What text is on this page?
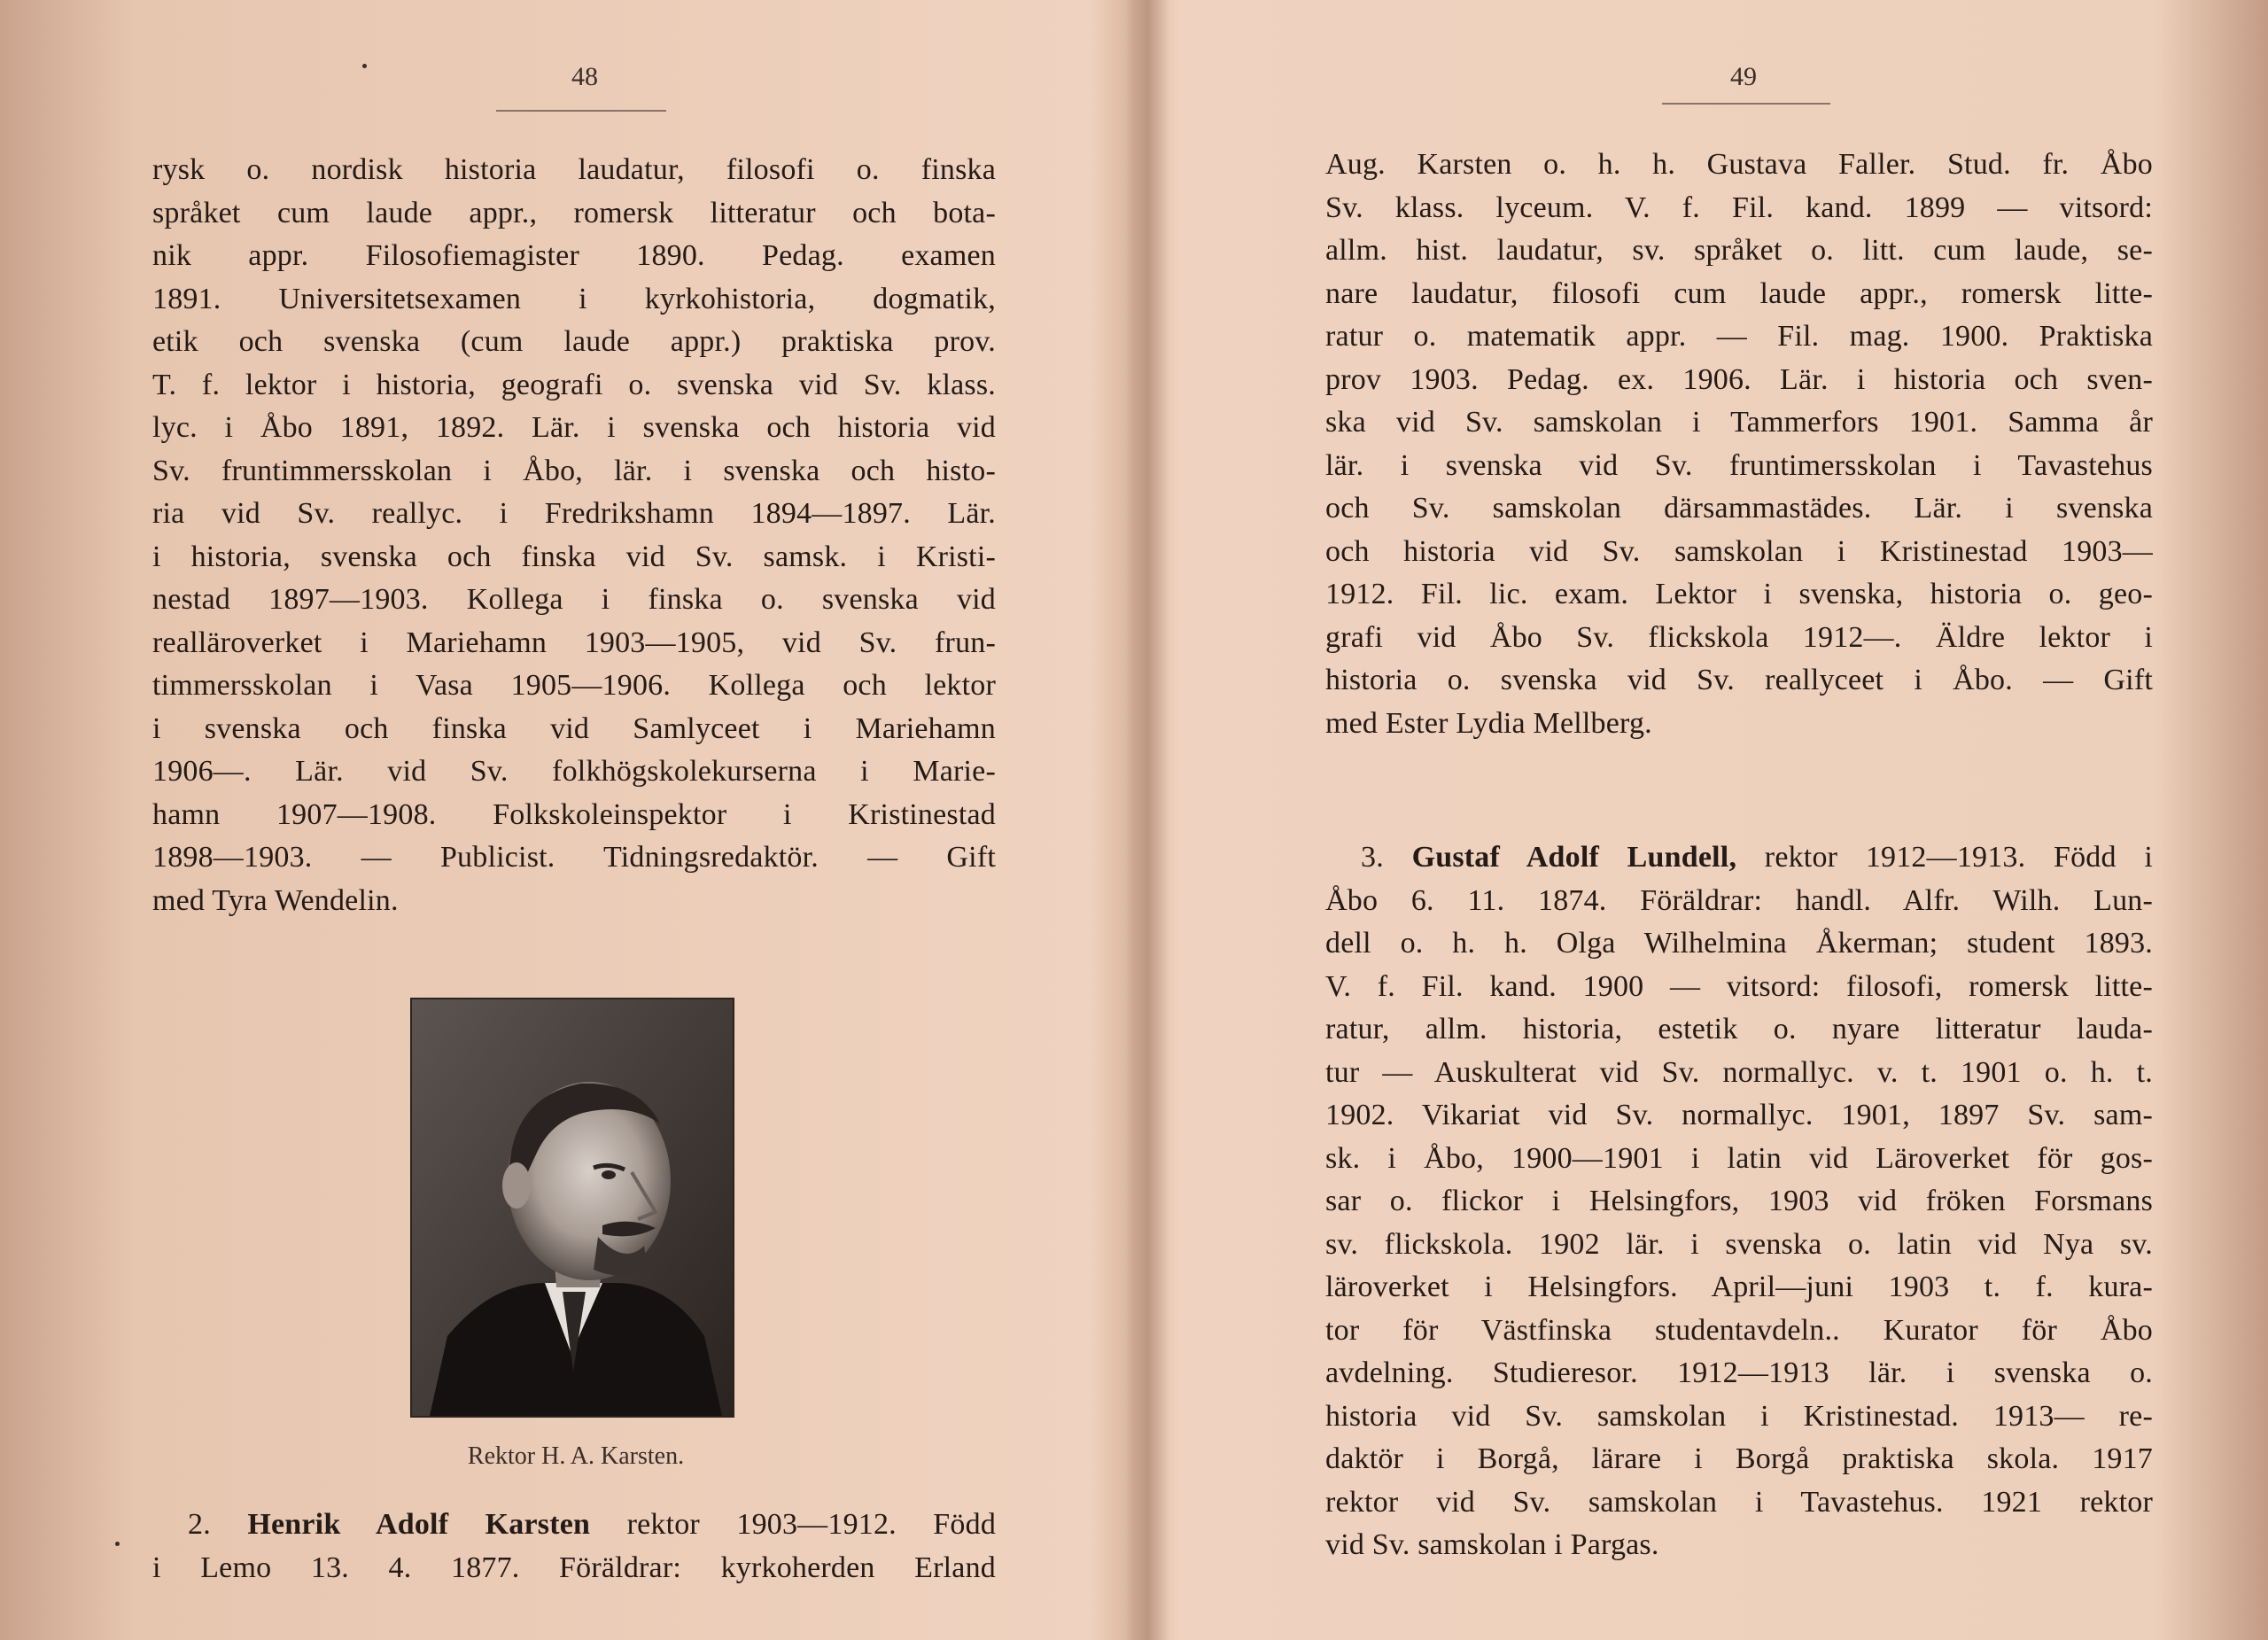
48
rysk o. nordisk historia laudatur, filosofi o. finska
språket cum laude appr., romersk litteratur och bota-
nik appr. Filosofiemagister 1890. Pedag. examen
1891. Universitetsexamen i kyrkohistoria, dogmatik,
etik och svenska (cum laude appr.) praktiska prov.
T. f. lektor i historia, geografi o. svenska vid Sv. klass.
lyc. i Åbo 1891, 1892. Lär. i svenska och historia vid
Sv. fruntimmersskolan i Åbo, lär. i svenska och histo-
ria vid Sv. reallyc. i Fredrikshamn 1894—1897. Lär.
i historia, svenska och finska vid Sv. samsk. i Kristi-
nestad 1897—1903. Kollega i finska o. svenska vid
realläroverket i Mariehamn 1903—1905, vid Sv. frun-
timmersskolan i Vasa 1905—1906. Kollega och lektor
i svenska och finska vid Samlyceet i Mariehamn
1906—. Lär. vid Sv. folkhögskolekurserna i Marie-
hamn 1907—1908. Folkskoleinspektor i Kristinestad
1898—1903. — Publicist. Tidningsredaktör. — Gift
med Tyra Wendelin.
Rektor H. A. Karsten.
2. Henrik Adolf Karsten rektor 1903—1912. Född
i Lemo 13. 4. 1877. Föräldrar: kyrkoherden Erland
49
Aug. Karsten o. h. h. Gustava Faller. Stud. fr. Åbo
Sv. klass. lyceum. V. f. Fil. kand. 1899 — vitsord:
allm. hist. laudatur, sv. språket o. litt. cum laude, se-
nare laudatur, filosofi cum laude appr., romersk litte-
ratur o. matematik appr. — Fil. mag. 1900. Praktiska
prov 1903. Pedag. ex. 1906. Lär. i historia och sven-
ska vid Sv. samskolan i Tammerfors 1901. Samma år
lär. i svenska vid Sv. fruntimersskolan i Tavastehus
och Sv. samskolan därsammastädes. Lär. i svenska
och historia vid Sv. samskolan i Kristinestad 1903—
1912. Fil. lic. exam. Lektor i svenska, historia o. geo-
grafi vid Åbo Sv. flickskola 1912—. Äldre lektor i
historia o. svenska vid Sv. reallyceet i Åbo. — Gift
med Ester Lydia Mellberg.
3. Gustaf Adolf Lundell, rektor 1912—1913. Född i
Åbo 6. 11. 1874. Föräldrar: handl. Alfr. Wilh. Lun-
dell o. h. h. Olga Wilhelmina Åkerman; student 1893.
V. f. Fil. kand. 1900 — vitsord: filosofi, romersk litte-
ratur, allm. historia, estetik o. nyare litteratur lauda-
tur — Auskulterat vid Sv. normallyc. v. t. 1901 o. h. t.
1902. Vikariat vid Sv. normallyc. 1901, 1897 Sv. sam-
sk. i Åbo, 1900—1901 i latin vid Läroverket för gos-
sar o. flickor i Helsingfors, 1903 vid fröken Forsmans
sv. flickskola. 1902 lär. i svenska o. latin vid Nya sv.
läroverket i Helsingfors. April—juni 1903 t. f. kura-
tor för Västfinska studentavdeln.. Kurator för Åbo
avdelning. Studieresor. 1912—1913 lär. i svenska o.
historia vid Sv. samskolan i Kristinestad. 1913— re-
daktör i Borgå, lärare i Borgå praktiska skola. 1917
rektor vid Sv. samskolan i Tavastehus. 1921 rektor
vid Sv. samskolan i Pargas.
